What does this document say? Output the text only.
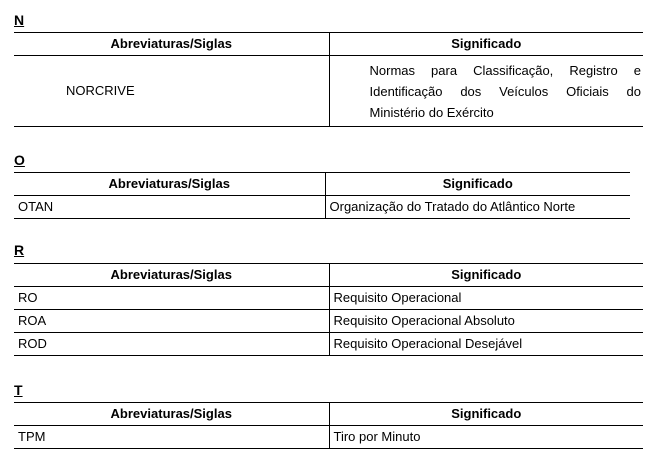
N
Abreviaturas/Siglas	Significado
NORCRIVE	Normas para Classificação, Registro e Identificação dos Veículos Oficiais do Ministério do Exército
O
Abreviaturas/Siglas	Significado
OTAN	Organização do Tratado do Atlântico Norte
R
Abreviaturas/Siglas	Significado
RO	Requisito Operacional
ROA	Requisito Operacional Absoluto
ROD	Requisito Operacional Desejável
T
Abreviaturas/Siglas	Significado
TPM	Tiro por Minuto
